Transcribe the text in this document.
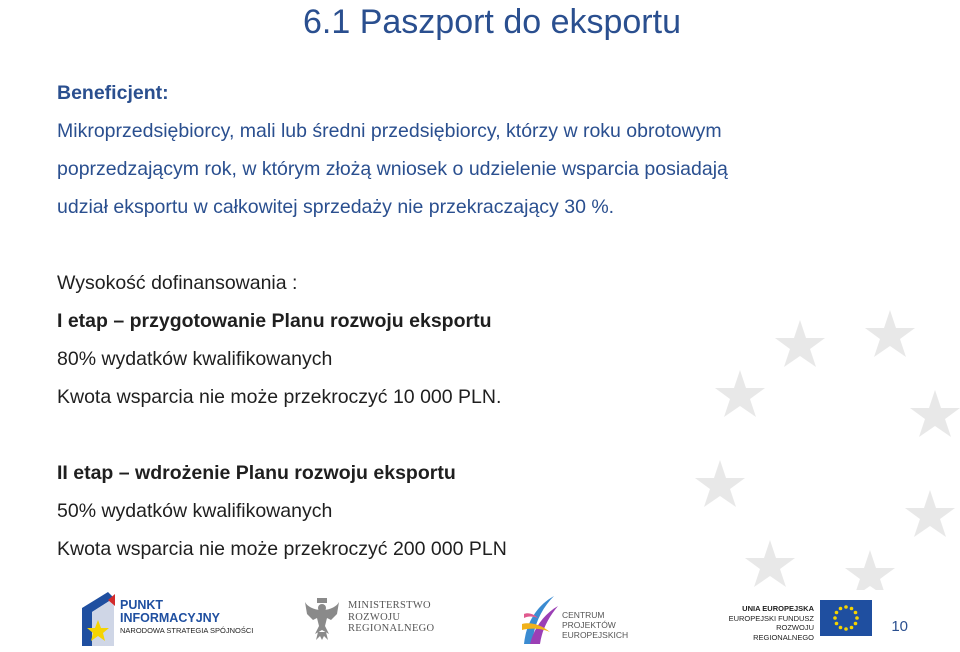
6.1 Paszport do eksportu
Beneficjent:
Mikroprzedsiębiorcy, mali lub średni przedsiębiorcy, którzy w roku obrotowym
poprzedzającym rok, w którym złożą wniosek o udzielenie wsparcia posiadają
udział eksportu w całkowitej sprzedaży nie przekraczający 30 %.
Wysokość dofinansowania :
I etap – przygotowanie Planu rozwoju eksportu
80% wydatków kwalifikowanych
Kwota wsparcia nie może przekroczyć 10 000 PLN.
II etap – wdrożenie Planu rozwoju eksportu
50% wydatków kwalifikowanych
Kwota wsparcia nie może przekroczyć 200 000 PLN
PUNKT
INFORMACYJNY
NARODOWA STRATEGIA SPÓJNOŚCI
MINISTERSTWO
ROZWOJU
REGIONALNEGO
CENTRUM PROJEKTÓW
EUROPEJSKICH
UNIA EUROPEJSKA
EUROPEJSKI FUNDUSZ
ROZWOJU REGIONALNEGO
10
